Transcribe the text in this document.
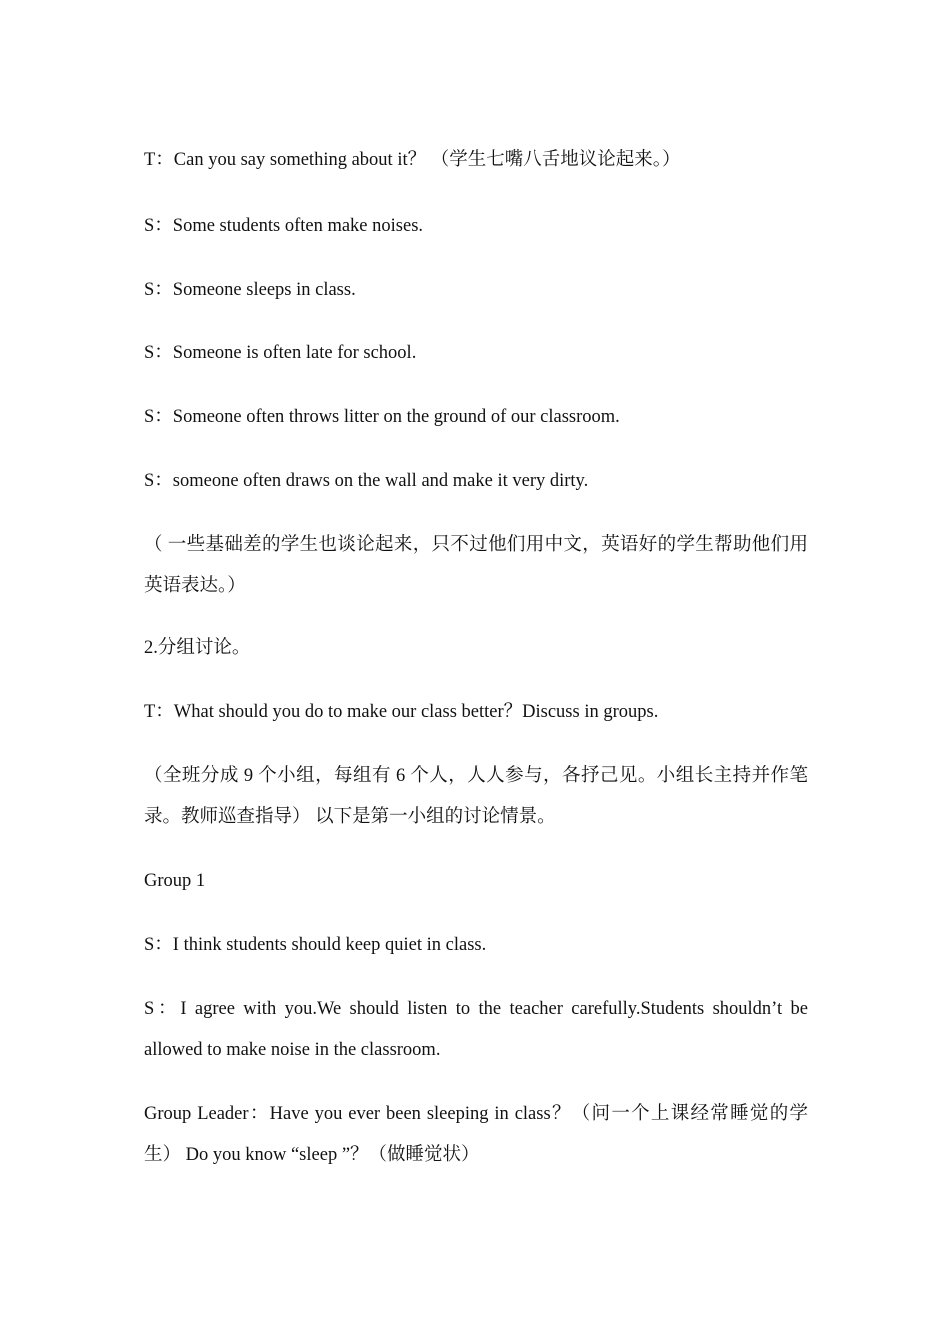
T：Can you say something about it？ （学生七嘴八舌地议论起来。）

S：Some students often make noises.

S：Someone sleeps in class.

S：Someone is often late for school.

S：Someone often throws litter on the ground of our classroom.

S：someone often draws on the wall and make it very dirty.

（ 一些基础差的学生也谈论起来，只不过他们用中文，英语好的学生帮助他们用英语表达。）

2.分组讨论。

T：What should you do to make our class better？Discuss in groups.

（全班分成 9 个小组，每组有 6 个人，人人参与，各抒己见。小组长主持并作笔录。教师巡查指导） 以下是第一小组的讨论情景。

Group 1

S：I think students should keep quiet in class.

S：I agree with you.We should listen to the teacher carefully.Students shouldn’t be allowed to make noise in the classroom.

Group Leader：Have you ever been sleeping in class？（问一个上课经常睡觉的学生） Do you know “sleep ”？（做睡觉状）
